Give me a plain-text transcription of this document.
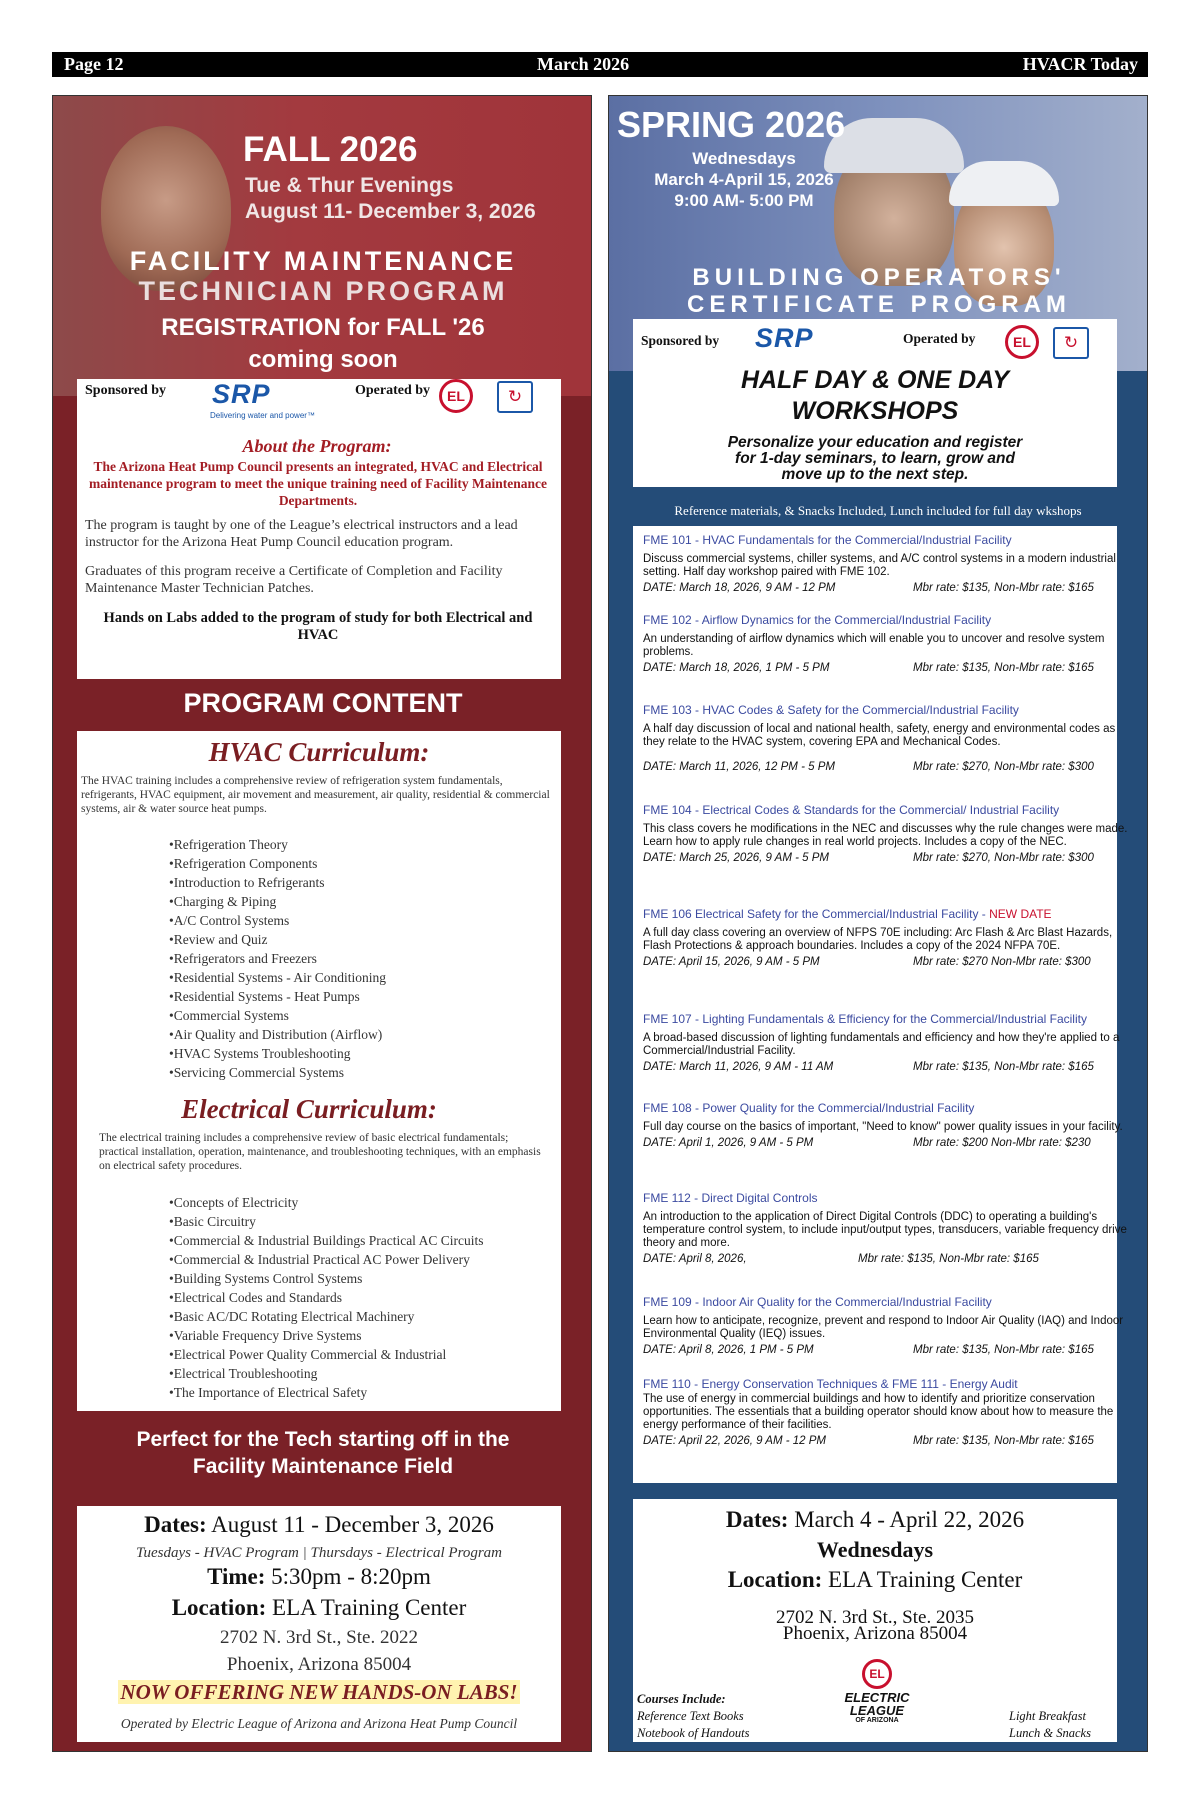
Page 12	March 2026	HVACR Today
FALL 2026
Tue & Thur Evenings
August 11- December 3, 2026
FACILITY MAINTENANCE
TECHNICIAN PROGRAM
REGISTRATION for FALL '26
coming soon
Sponsored by SRP
Delivering water and power™
Operated by	EL	↻
About the Program:
The Arizona Heat Pump Council presents an integrated, HVAC and Electrical maintenance program to meet the unique training need of Facility Maintenance Departments.
The program is taught by one of the League’s electrical instructors and a lead instructor for the Arizona Heat Pump Council education program.
Graduates of this program receive a Certificate of Completion and Facility Maintenance Master Technician Patches.
Hands on Labs added to the program of study for both Electrical and HVAC
PROGRAM CONTENT
HVAC Curriculum:
The HVAC training includes a comprehensive review of refrigeration system fundamentals, refrigerants, HVAC equipment, air movement and measurement, air quality, residential & commercial systems, air & water source heat pumps.
• Refrigeration Theory
• Refrigeration Components
• Introduction to Refrigerants
• Charging & Piping
• A/C Control Systems
• Review and Quiz
• Refrigerators and Freezers
• Residential Systems - Air Conditioning
• Residential Systems - Heat Pumps
• Commercial Systems
• Air Quality and Distribution (Airflow)
• HVAC Systems Troubleshooting
• Servicing Commercial Systems
Electrical Curriculum:
The electrical training includes a comprehensive review of basic electrical fundamentals; practical installation, operation, maintenance, and troubleshooting techniques, with an emphasis on electrical safety procedures.
• Concepts of Electricity
• Basic Circuitry
• Commercial & Industrial Buildings Practical AC Circuits
• Commercial & Industrial Practical AC Power Delivery
• Building Systems Control Systems
• Electrical Codes and Standards
• Basic AC/DC Rotating Electrical Machinery
• Variable Frequency Drive Systems
• Electrical Power Quality Commercial & Industrial
• Electrical Troubleshooting
• The Importance of Electrical Safety
Perfect for the Tech starting off in the
Facility Maintenance Field
Dates: August 11 - December 3, 2026
Tuesdays - HVAC Program | Thursdays - Electrical Program
Time: 5:30pm - 8:20pm
Location: ELA Training Center
2702 N. 3rd St., Ste. 2022
Phoenix, Arizona 85004
NOW OFFERING NEW HANDS-ON LABS!
Operated by Electric League of Arizona and Arizona Heat Pump Council
SPRING 2026
Wednesdays
March 4-April 15, 2026
9:00 AM- 5:00 PM
BUILDING OPERATORS'
CERTIFICATE PROGRAM
Sponsored by SRP	Operated by	EL	↻
HALF DAY & ONE DAY
WORKSHOPS
Personalize your education and register
for 1-day seminars, to learn, grow and
move up to the next step.
Reference materials, & Snacks Included, Lunch included for full day wkshops
FME 101 - HVAC Fundamentals for the Commercial/Industrial Facility
Discuss commercial systems, chiller systems, and A/C control systems in a modern industrial setting. Half day workshop paired with FME 102.
DATE: March 18, 2026, 9 AM - 12 PM	Mbr rate: $135, Non-Mbr rate: $165
FME 102 - Airflow Dynamics for the Commercial/Industrial Facility
An understanding of airflow dynamics which will enable you to uncover and resolve system problems.
DATE: March 18, 2026, 1 PM - 5 PM	Mbr rate: $135, Non-Mbr rate: $165
FME 103 - HVAC Codes & Safety for the Commercial/Industrial Facility
A half day discussion of local and national health, safety, energy and environmental codes as they relate to the HVAC system, covering EPA and Mechanical Codes.
DATE: March 11, 2026, 12 PM - 5 PM	Mbr rate: $270, Non-Mbr rate: $300
FME 104 - Electrical Codes & Standards for the Commercial/ Industrial Facility
This class covers he modifications in the NEC and discusses why the rule changes were made. Learn how to apply rule changes in real world projects. Includes a copy of the NEC.
DATE: March 25, 2026, 9 AM - 5 PM	Mbr rate: $270, Non-Mbr rate: $300
FME 106 Electrical Safety for the Commercial/Industrial Facility - NEW DATE
A full day class covering an overview of NFPS 70E including: Arc Flash & Arc Blast Hazards, Flash Protections & approach boundaries. Includes a copy of the 2024 NFPA 70E.
DATE: April 15, 2026, 9 AM - 5 PM	Mbr rate: $270 Non-Mbr rate: $300
FME 107 - Lighting Fundamentals & Efficiency for the Commercial/Industrial Facility
A broad-based discussion of lighting fundamentals and efficiency and how they're applied to a Commercial/Industrial Facility.
DATE: March 11, 2026, 9 AM - 11 AM	Mbr rate: $135, Non-Mbr rate: $165
FME 108 - Power Quality for the Commercial/Industrial Facility
Full day course on the basics of important, "Need to know" power quality issues in your facility.
DATE: April 1, 2026, 9 AM - 5 PM	Mbr rate: $200 Non-Mbr rate: $230
FME 112 - Direct Digital Controls
An introduction to the application of Direct Digital Controls (DDC) to operating a building's temperature control system, to include input/output types, transducers, variable frequency drive theory and more.
DATE: April 8, 2026,	Mbr rate: $135, Non-Mbr rate: $165
FME 109 - Indoor Air Quality for the Commercial/Industrial Facility
Learn how to anticipate, recognize, prevent and respond to Indoor Air Quality (IAQ) and Indoor Environmental Quality (IEQ) issues.
DATE: April 8, 2026, 1 PM - 5 PM	Mbr rate: $135, Non-Mbr rate: $165
FME 110 - Energy Conservation Techniques & FME 111 - Energy Audit
The use of energy in commercial buildings and how to identify and prioritize conservation opportunities. The essentials that a building operator should know about how to measure the energy performance of their facilities.
DATE: April 22, 2026, 9 AM - 12 PM	Mbr rate: $135, Non-Mbr rate: $165
Dates: March 4 - April 22, 2026
Wednesdays
Location: ELA Training Center
2702 N. 3rd St., Ste. 2035
Phoenix, Arizona 85004
Courses Include:
Reference Text Books
Notebook of Handouts
EL
ELECTRIC
LEAGUE
OF ARIZONA	Light Breakfast
Lunch & Snacks
